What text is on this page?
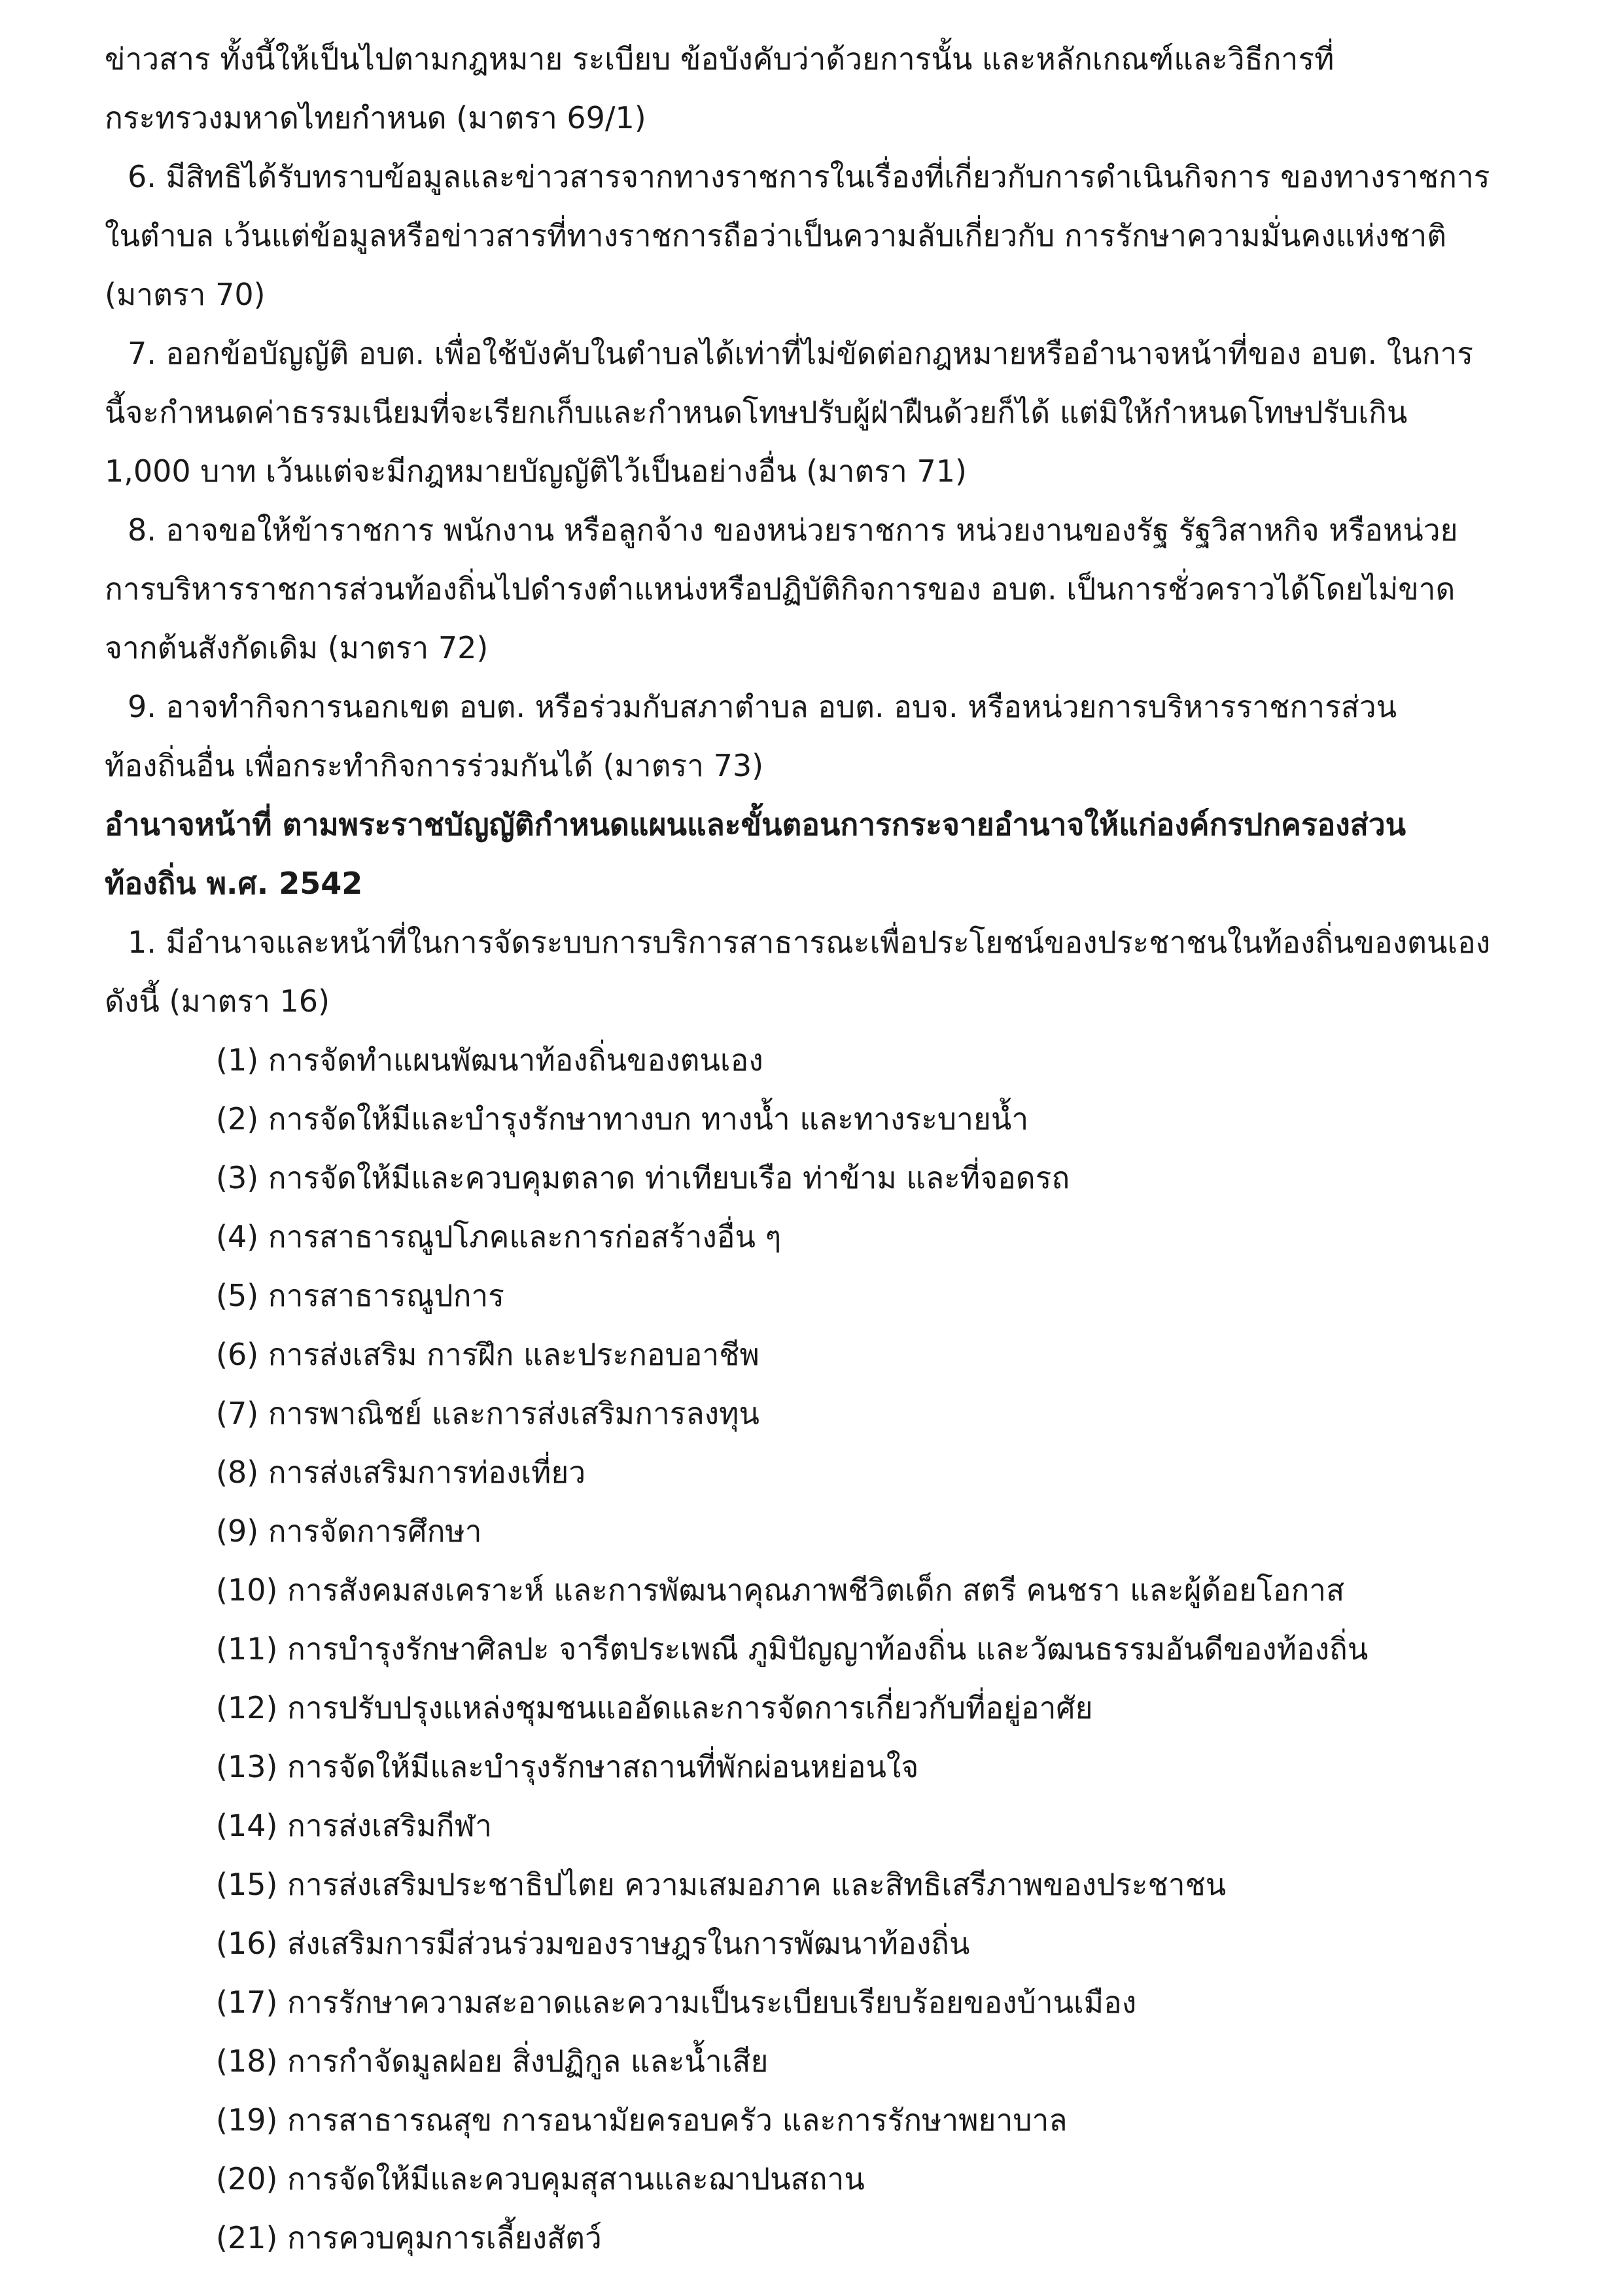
ข่าวสาร ทั้งนี้ให้เป็นไปตามกฎหมาย ระเบียบ ข้อบังคับว่าด้วยการนั้น และหลักเกณฑ์และวิธีการที่
กระทรวงมหาดไทยกำหนด (มาตรา 69/1)
6. มีสิทธิได้รับทราบข้อมูลและข่าวสารจากทางราชการในเรื่องที่เกี่ยวกับการดำเนินกิจการ ของทางราชการ
ในตำบล เว้นแต่ข้อมูลหรือข่าวสารที่ทางราชการถือว่าเป็นความลับเกี่ยวกับ การรักษาความมั่นคงแห่งชาติ
(มาตรา 70)
7. ออกข้อบัญญัติ อบต. เพื่อใช้บังคับในตำบลได้เท่าที่ไม่ขัดต่อกฎหมายหรืออำนาจหน้าที่ของ อบต. ในการ
นี้จะกำหนดค่าธรรมเนียมที่จะเรียกเก็บและกำหนดโทษปรับผู้ฝ่าฝืนด้วยก็ได้ แต่มิให้กำหนดโทษปรับเกิน
1,000 บาท เว้นแต่จะมีกฎหมายบัญญัติไว้เป็นอย่างอื่น (มาตรา 71)
8. อาจขอให้ข้าราชการ พนักงาน หรือลูกจ้าง ของหน่วยราชการ หน่วยงานของรัฐ รัฐวิสาหกิจ หรือหน่วย
การบริหารราชการส่วนท้องถิ่นไปดำรงตำแหน่งหรือปฏิบัติกิจการของ อบต. เป็นการชั่วคราวได้โดยไม่ขาด
จากต้นสังกัดเดิม (มาตรา 72)
9. อาจทำกิจการนอกเขต อบต. หรือร่วมกับสภาตำบล อบต. อบจ. หรือหน่วยการบริหารราชการส่วน
ท้องถิ่นอื่น เพื่อกระทำกิจการร่วมกันได้ (มาตรา 73)
อำนาจหน้าที่ ตามพระราชบัญญัติกำหนดแผนและขั้นตอนการกระจายอำนาจให้แก่องค์กรปกครองส่วน
ท้องถิ่น พ.ศ. 2542
1. มีอำนาจและหน้าที่ในการจัดระบบการบริการสาธารณะเพื่อประโยชน์ของประชาชนในท้องถิ่นของตนเอง
ดังนี้ (มาตรา 16)
(1) การจัดทำแผนพัฒนาท้องถิ่นของตนเอง
(2) การจัดให้มีและบำรุงรักษาทางบก ทางน้ำ และทางระบายน้ำ
(3) การจัดให้มีและควบคุมตลาด ท่าเทียบเรือ ท่าข้าม และที่จอดรถ
(4) การสาธารณูปโภคและการก่อสร้างอื่น ๆ
(5) การสาธารณูปการ
(6) การส่งเสริม การฝึก และประกอบอาชีพ
(7) การพาณิชย์ และการส่งเสริมการลงทุน
(8) การส่งเสริมการท่องเที่ยว
(9) การจัดการศึกษา
(10) การสังคมสงเคราะห์ และการพัฒนาคุณภาพชีวิตเด็ก สตรี คนชรา และผู้ด้อยโอกาส
(11) การบำรุงรักษาศิลปะ จารีตประเพณี ภูมิปัญญาท้องถิ่น และวัฒนธรรมอันดีของท้องถิ่น
(12) การปรับปรุงแหล่งชุมชนแออัดและการจัดการเกี่ยวกับที่อยู่อาศัย
(13) การจัดให้มีและบำรุงรักษาสถานที่พักผ่อนหย่อนใจ
(14) การส่งเสริมกีฬา
(15) การส่งเสริมประชาธิปไตย ความเสมอภาค และสิทธิเสรีภาพของประชาชน
(16) ส่งเสริมการมีส่วนร่วมของราษฎรในการพัฒนาท้องถิ่น
(17) การรักษาความสะอาดและความเป็นระเบียบเรียบร้อยของบ้านเมือง
(18) การกำจัดมูลฝอย สิ่งปฏิกูล และน้ำเสีย
(19) การสาธารณสุข การอนามัยครอบครัว และการรักษาพยาบาล
(20) การจัดให้มีและควบคุมสุสานและฌาปนสถาน
(21) การควบคุมการเลี้ยงสัตว์
